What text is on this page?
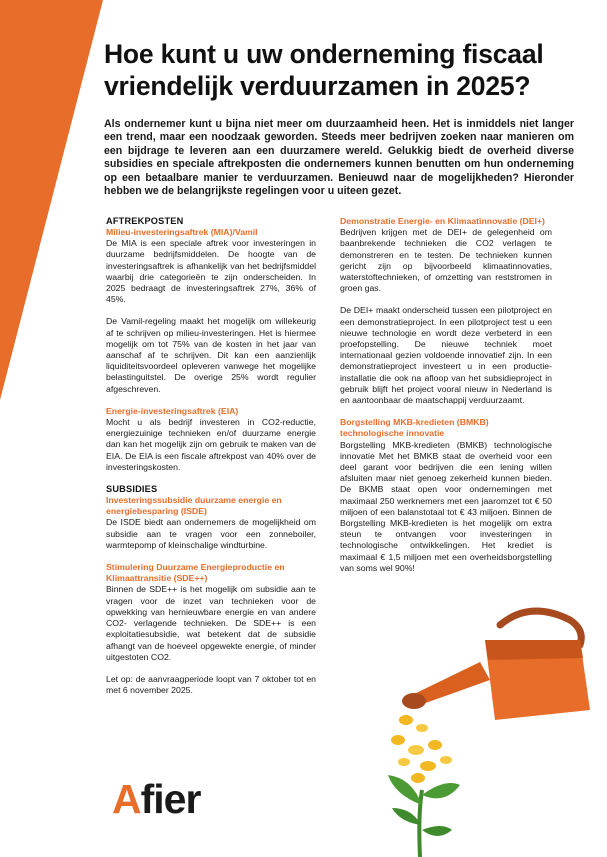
Hoe kunt u uw onderneming fiscaal vriendelijk verduurzamen in 2025?

Als ondernemer kunt u bijna niet meer om duurzaamheid heen. Het is inmiddels niet langer een trend, maar een noodzaak geworden. Steeds meer bedrijven zoeken naar manieren om een bijdrage te leveren aan een duurzamere wereld. Gelukkig biedt de overheid diverse subsidies en speciale aftrekposten die ondernemers kunnen benutten om hun onderneming op een betaalbare manier te verduurzamen. Benieuwd naar de mogelijkheden? Hieronder hebben we de belangrijkste regelingen voor u uiteen gezet.

AFTREKPOSTEN
Milieu-investeringsaftrek (MIA)/Vamil

De MIA is een speciale aftrek voor investeringen in duurzame bedrijfsmiddelen. De hoogte van de investeringsaftrek is afhankelijk van het bedrijfsmiddel waarbij drie categorieën te zijn onderscheiden. In 2025 bedraagt de investeringsaftrek 27%, 36% of 45%.

De Vamil-regeling maakt het mogelijk om willekeurig af te schrijven op milieu-investeringen. Het is hiermee mogelijk om tot 75% van de kosten in het jaar van aanschaf af te schrijven. Dit kan een aanzienlijk liquiditeitsvoordeel opleveren vanwege het mogelijke belastinguitstel. De overige 25% wordt regulier afgeschreven.

Energie-investeringsaftrek (EIA)

Mocht u als bedrijf investeren in CO2-reductie, energiezuinige technieken en/of duurzame energie dan kan het mogelijk zijn om gebruik te maken van de EIA. De EIA is een fiscale aftrekpost van 40% over de investeringskosten.

SUBSIDIES
Investeringssubsidie duurzame energie en energiebesparing (ISDE)

De ISDE biedt aan ondernemers de mogelijkheid om subsidie aan te vragen voor een zonneboiler, warmtepomp of kleinschalige windturbine.

Stimulering Duurzame Energieproductie en Klimaattransitie (SDE++)

Binnen de SDE++ is het mogelijk om subsidie aan te vragen voor de inzet van technieken voor de opwekking van hernieuwbare energie en van andere CO2- verlagende technieken. De SDE++ is een exploitatiesubsidie, wat betekent dat de subsidie afhangt van de hoeveel opgewekte energie, of minder uitgestoten CO2.

Let op: de aanvraagperiode loopt van 7 oktober tot en met 6 november 2025.

Demonstratie Energie- en Klimaatinnovatie (DEI+)

Bedrijven krijgen met de DEI+ de gelegenheid om baanbrekende technieken die CO2 verlagen te demonstreren en te testen. De technieken kunnen gericht zijn op bijvoorbeeld klimaatinnovaties, waterstoftechnieken, of omzetting van reststromen in groen gas.

De DEI+ maakt onderscheid tussen een pilotproject en een demonstratieproject. In een pilotproject test u een nieuwe technologie en wordt deze verbeterd in een proefopstelling. De nieuwe techniek moet internationaal gezien voldoende innovatief zijn. In een demonstratieproject investeert u in een productie-installatie die ook na afloop van het subsidieproject in gebruik blijft het project vooral nieuw in Nederland is en aantoonbaar de maatschappij verduurzaamt.

Borgstelling MKB-kredieten (BMKB) technologische innovatie

Borgstelling MKB-kredieten (BMKB) technologische innovatie Met het BMKB staat de overheid voor een deel garant voor bedrijven die een lening willen afsluiten maar niet genoeg zekerheid kunnen bieden. De BKMB staat open voor ondernemingen met maximaal 250 werknemers met een jaaromzet tot € 50 miljoen of een balanstotaal tot € 43 miljoen. Binnen de Borgstelling MKB-kredieten is het mogelijk om extra steun te ontvangen voor investeringen in technologische ontwikkelingen. Het krediet is maximaal € 1,5 miljoen met een overheidsborgstelling van soms wel 90%!

Afier
